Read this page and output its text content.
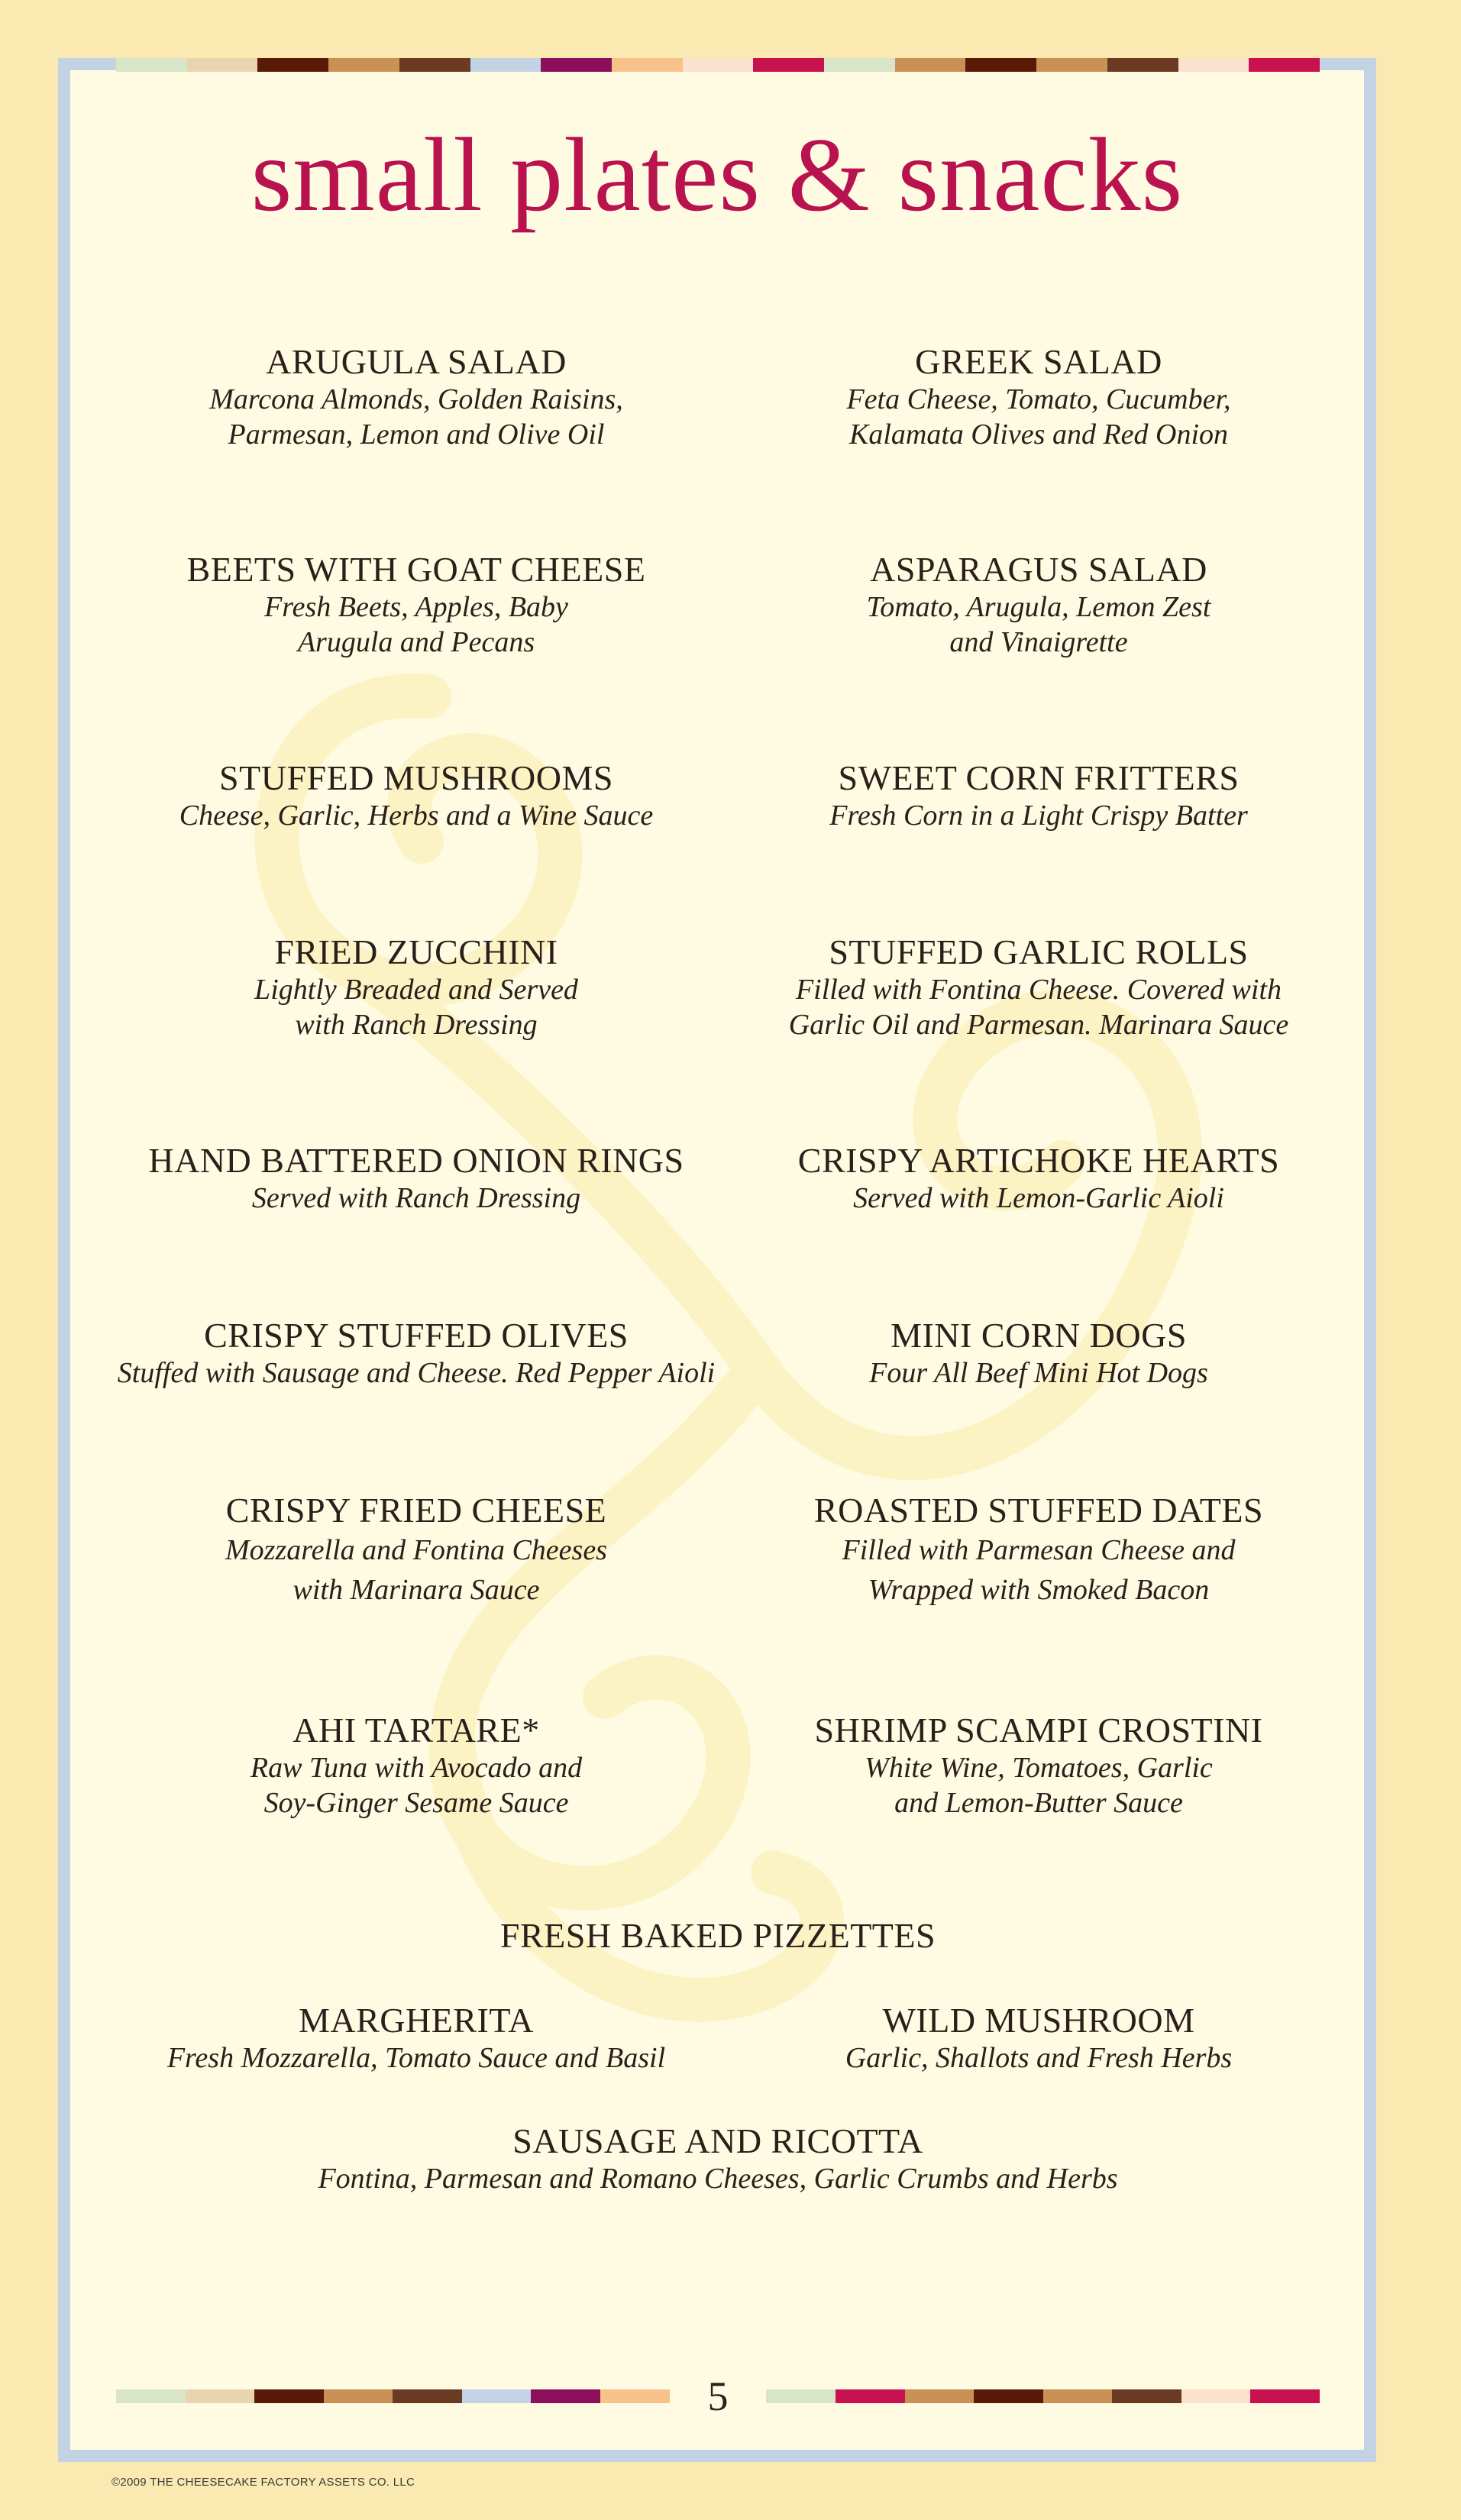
small plates & snacks
ARUGULA SALAD
Marcona Almonds, Golden Raisins,
Parmesan, Lemon and Olive Oil
GREEK SALAD
Feta Cheese, Tomato, Cucumber,
Kalamata Olives and Red Onion
BEETS WITH GOAT CHEESE
Fresh Beets, Apples, Baby
Arugula and Pecans
ASPARAGUS SALAD
Tomato, Arugula, Lemon Zest
and Vinaigrette
STUFFED MUSHROOMS
Cheese, Garlic, Herbs and a Wine Sauce
SWEET CORN FRITTERS
Fresh Corn in a Light Crispy Batter
FRIED ZUCCHINI
Lightly Breaded and Served
with Ranch Dressing
STUFFED GARLIC ROLLS
Filled with Fontina Cheese. Covered with
Garlic Oil and Parmesan. Marinara Sauce
HAND BATTERED ONION RINGS
Served with Ranch Dressing
CRISPY ARTICHOKE HEARTS
Served with Lemon-Garlic Aioli
CRISPY STUFFED OLIVES
Stuffed with Sausage and Cheese. Red Pepper Aioli
MINI CORN DOGS
Four All Beef Mini Hot Dogs
CRISPY FRIED CHEESE
Mozzarella and Fontina Cheeses
with Marinara Sauce
ROASTED STUFFED DATES
Filled with Parmesan Cheese and
Wrapped with Smoked Bacon
AHI TARTARE*
Raw Tuna with Avocado and
Soy-Ginger Sesame Sauce
SHRIMP SCAMPI CROSTINI
White Wine, Tomatoes, Garlic
and Lemon-Butter Sauce
FRESH BAKED PIZZETTES
MARGHERITA
Fresh Mozzarella, Tomato Sauce and Basil
WILD MUSHROOM
Garlic, Shallots and Fresh Herbs
SAUSAGE AND RICOTTA
Fontina, Parmesan and Romano Cheeses, Garlic Crumbs and Herbs
5
©2009 THE CHEESECAKE FACTORY ASSETS CO. LLC
